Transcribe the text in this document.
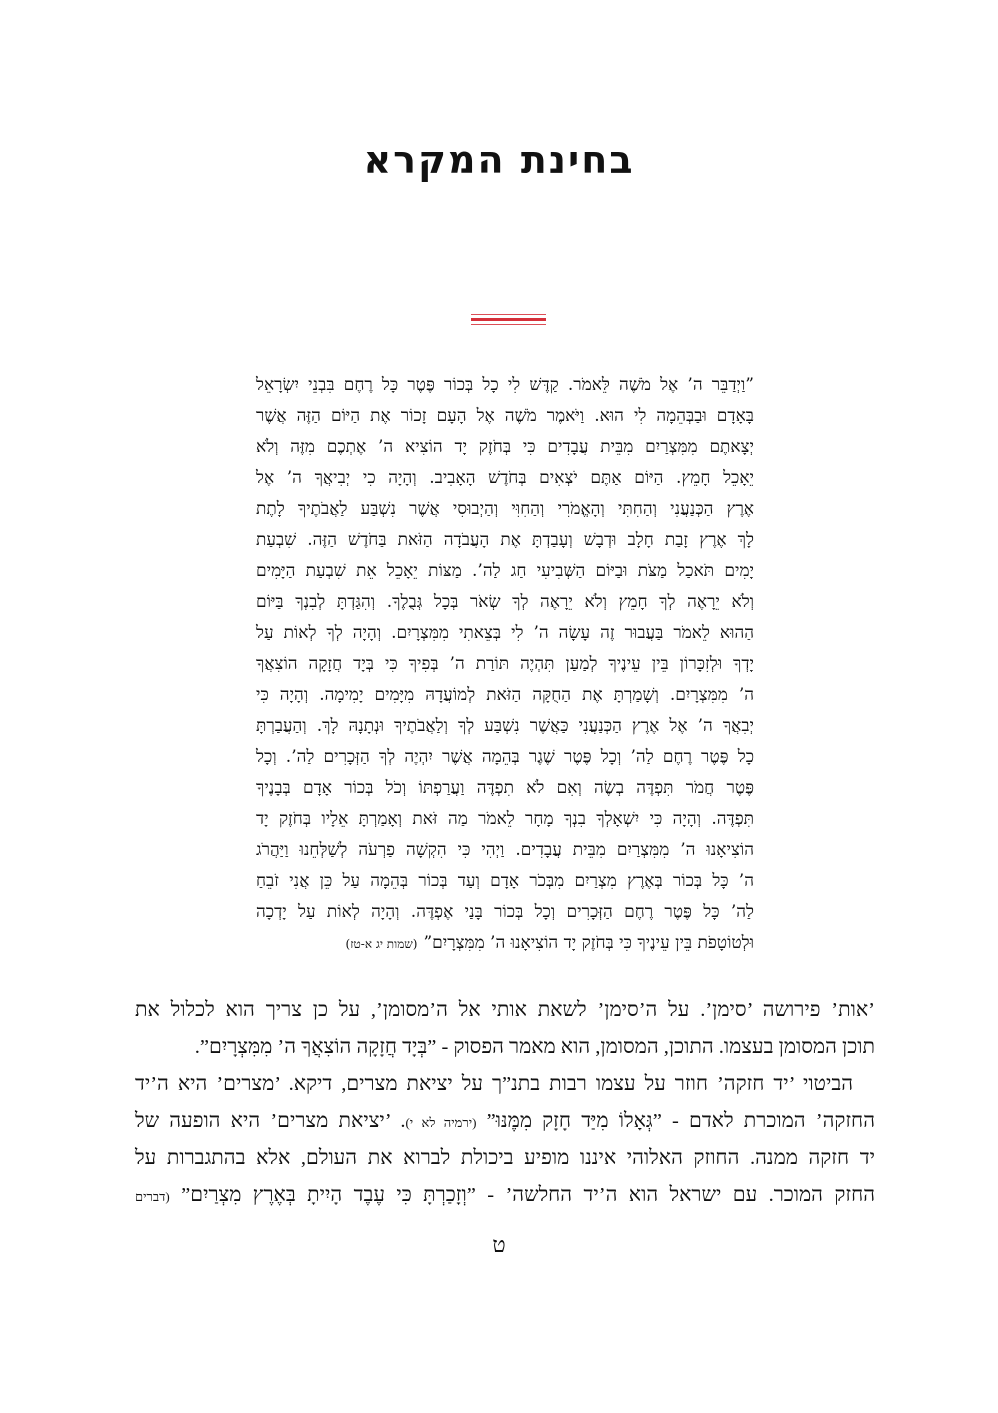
בחינת המקרא
”וַיְדַבֵּר ה’ אֶל מֹשֶׁה לֵּאמֹר. קַדֶּשׁ לִי כָל בְּכוֹר פֶּטֶר כָּל רֶחֶם בִּבְנֵי יִשְׂרָאֵל
בָּאָדָם וּבַבְּהֵמָה לִי הוּא. וַיֹּאמֶר מֹשֶׁה אֶל הָעָם זָכוֹר אֶת הַיּוֹם הַזֶּה אֲשֶׁר
יְצָאתֶם מִמִּצְרַיִם מִבֵּית עֲבָדִים כִּי בְּחֹזֶק יָד הוֹצִיא ה’ אֶתְכֶם מִזֶּה וְלֹא
יֵאָכֵל חָמֵץ. הַיּוֹם אַתֶּם יֹצְאִים בְּחֹדֶשׁ הָאָבִיב. וְהָיָה כִי יְבִיאֲךָ ה’ אֶל
אֶרֶץ הַכְּנַעֲנִי וְהַחִתִּי וְהָאֱמֹרִי וְהַחִוִּי וְהַיְבוּסִי אֲשֶׁר נִשְׁבַּע לַאֲבֹתֶיךָ לָתֶת
לָךְ אֶרֶץ זָבַת חָלָב וּדְבָשׁ וְעָבַדְתָּ אֶת הָעֲבֹדָה הַזֹּאת בַּחֹדֶשׁ הַזֶּה. שִׁבְעַת
יָמִים תֹּאכַל מַצֹּת וּבַיּוֹם הַשְּׁבִיעִי חַג לַה’. מַצּוֹת יֵאָכֵל אֵת שִׁבְעַת הַיָּמִים
וְלֹא יֵרָאֶה לְךָ חָמֵץ וְלֹא יֵרָאֶה לְךָ שְׂאֹר בְּכָל גְּבֻלֶךָ. וְהִגַּדְתָּ לְבִנְךָ בַּיּוֹם
הַהוּא לֵאמֹר בַּעֲבוּר זֶה עָשָׂה ה’ לִי בְּצֵאתִי מִמִּצְרָיִם. וְהָיָה לְךָ לְאוֹת עַל
יָדְךָ וּלְזִכָּרוֹן בֵּין עֵינֶיךָ לְמַעַן תִּהְיֶה תּוֹרַת ה’ בְּפִיךָ כִּי בְּיָד חֲזָקָה הוֹצִאֲךָ
ה’ מִמִּצְרָיִם. וְשָׁמַרְתָּ אֶת הַחֻקָּה הַזֹּאת לְמוֹעֲדָהּ מִיָּמִים יָמִימָה. וְהָיָה כִּי
יְבִאֲךָ ה’ אֶל אֶרֶץ הַכְּנַעֲנִי כַּאֲשֶׁר נִשְׁבַּע לְךָ וְלַאֲבֹתֶיךָ וּנְתָנָהּ לָךְ. וְהַעֲבַרְתָּ
כָל פֶּטֶר רֶחֶם לַה’ וְכָל פֶּטֶר שֶׁגֶר בְּהֵמָה אֲשֶׁר יִהְיֶה לְךָ הַזְּכָרִים לַה’. וְכָל
פֶּטֶר חֲמֹר תִּפְדֶּה בְשֶׂה וְאִם לֹא תִפְדֶּה וַעֲרַפְתּוֹ וְכֹל בְּכוֹר אָדָם בְּבָנֶיךָ
תִּפְדֶּה. וְהָיָה כִּי יִשְׁאָלְךָ בִנְךָ מָחָר לֵאמֹר מַה זֹּאת וְאָמַרְתָּ אֵלָיו בְּחֹזֶק יָד
הוֹצִיאָנוּ ה’ מִמִּצְרַיִם מִבֵּית עֲבָדִים. וַיְהִי כִּי הִקְשָׁה פַרְעֹה לְשַׁלְּחֵנוּ וַיַּהֲרֹג
ה’ כָּל בְּכוֹר בְּאֶרֶץ מִצְרַיִם מִבְּכֹר אָדָם וְעַד בְּכוֹר בְּהֵמָה עַל כֵּן אֲנִי זֹבֵחַ
לַה’ כָּל פֶּטֶר רֶחֶם הַזְּכָרִים וְכָל בְּכוֹר בָּנַי אֶפְדֶּה. וְהָיָה לְאוֹת עַל יָדְכָה
וּלְטוֹטָפֹת בֵּין עֵינֶיךָ כִּי בְּחֹזֶק יָד הוֹצִיאָנוּ ה’ מִמִּצְרָיִם”(שמות יג א-טז)
’אות’ פירושה ’סימן’. על ה’סימן’ לשאת אותי אל ה’מסומן’, על כן צריך הוא לכלול את
תוכן המסומן בעצמו. התוכן, המסומן, הוא מאמר הפסוק - ”בְּיָד חֲזָקָה הוֹצִאֲךָ ה’ מִמִּצְרָיִם”.
הביטוי ’יד חזקה’ חוזר על עצמו רבות בתנ”ך על יציאת מצרים, דיקא. ’מצרים’ היא ה’יד
החזקה’ המוכרת לאדם - ”גְּאָלוֹ מִיַּד חָזָק מִמֶּנּוּ” (ירמיה לא י). ’יציאת מצרים’ היא הופעה של
יד חזקה ממנה. החוזק האלוהי איננו מופיע ביכולת לברוא את העולם, אלא בהתגברות על
החזק המוכר. עם ישראל הוא ה’יד החלשה’ - ”וְזָכַרְתָּ כִּי עֶבֶד הָיִיתָ בְּאֶרֶץ מִצְרַיִם” (דברים
ט
